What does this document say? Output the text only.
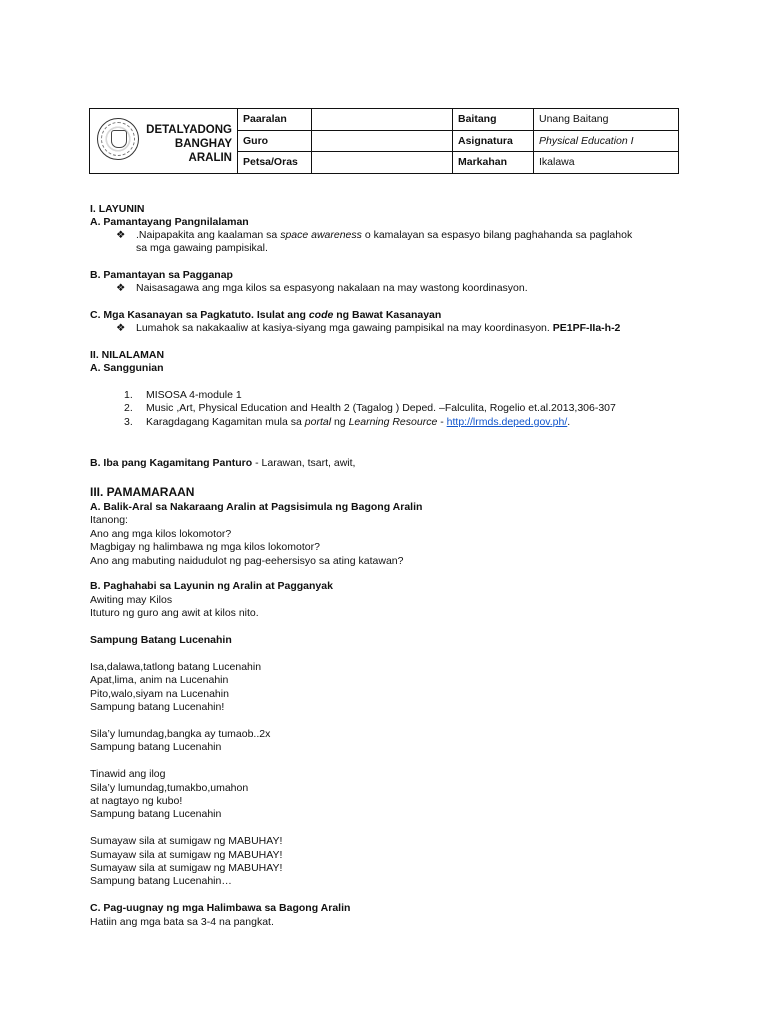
DETALYADONG
BANGHAY
ARALIN
Paaralan	Baitang	Unang Baitang
Guro	Asignatura	Physical Education I
Petsa/Oras	Markahan	Ikalawa
I. LAYUNIN
A. Pamantayang Pangnilalaman
❖	.Naipapakita ang kaalaman sa space awareness o kamalayan sa espasyo bilang paghahanda sa paglahok
sa mga gawaing pampisikal.
B. Pamantayan sa Pagganap
❖	Naisasagawa ang mga kilos sa espasyong nakalaan na may wastong koordinasyon.
C. Mga Kasanayan sa Pagkatuto. Isulat ang code ng Bawat Kasanayan
❖	Lumahok sa nakakaaliw at kasiya-siyang mga gawaing pampisikal na may koordinasyon. PE1PF-IIa-h-2
II. NILALAMAN
A. Sanggunian
1. MISOSA 4-module 1
2. Music ,Art, Physical Education and Health 2 (Tagalog ) Deped. –Falculita, Rogelio et.al.2013,306-307
3. Karagdagang Kagamitan mula sa portal ng Learning Resource - http://lrmds.deped.gov.ph/.
B. Iba pang Kagamitang Panturo - Larawan, tsart, awit,
III. PAMAMARAAN
A. Balik-Aral sa Nakaraang Aralin at Pagsisimula ng Bagong Aralin
Itanong:
Ano ang mga kilos lokomotor?
Magbigay ng halimbawa ng mga kilos lokomotor?
Ano ang mabuting naidudulot ng pag-eehersisyo sa ating katawan?
B. Paghahabi sa Layunin ng Aralin at Pagganyak
Awiting may Kilos
Ituturo ng guro ang awit at kilos nito.
Sampung Batang Lucenahin
Isa,dalawa,tatlong batang Lucenahin
Apat,lima, anim na Lucenahin
Pito,walo,siyam na Lucenahin
Sampung batang Lucenahin!
Sila’y lumundag,bangka ay tumaob..2x
Sampung batang Lucenahin
Tinawid ang ilog
Sila’y lumundag,tumakbo,umahon
at nagtayo ng kubo!
Sampung batang Lucenahin
Sumayaw sila at sumigaw ng MABUHAY!
Sumayaw sila at sumigaw ng MABUHAY!
Sumayaw sila at sumigaw ng MABUHAY!
Sampung batang Lucenahin…
C. Pag-uugnay ng mga Halimbawa sa Bagong Aralin
Hatiin ang mga bata sa 3-4 na pangkat.
